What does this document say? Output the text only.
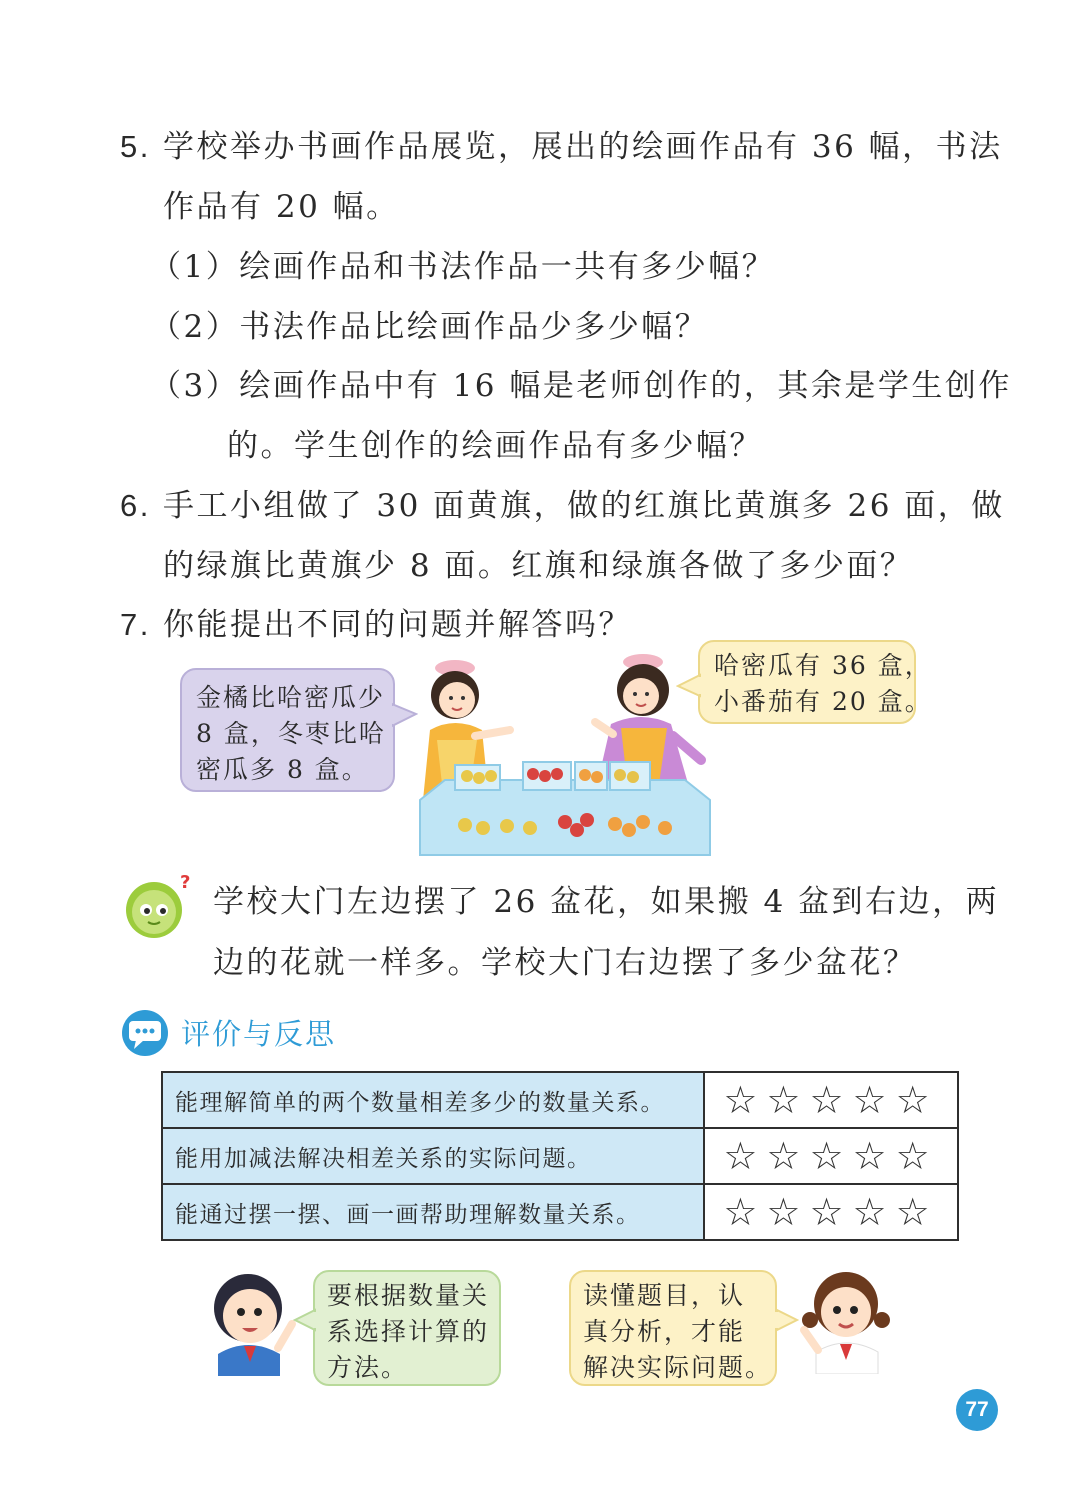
5. 学校举办书画作品展览，展出的绘画作品有 36 幅，书法
作品有 20 幅。
（1）绘画作品和书法作品一共有多少幅？
（2）书法作品比绘画作品少多少幅？
（3）绘画作品中有 16 幅是老师创作的，其余是学生创作
的。学生创作的绘画作品有多少幅？
6. 手工小组做了 30 面黄旗，做的红旗比黄旗多 26 面，做
的绿旗比黄旗少 8 面。红旗和绿旗各做了多少面？
7. 你能提出不同的问题并解答吗？
金橘比哈密瓜少
8 盒，冬枣比哈
密瓜多 8 盒。
哈密瓜有 36 盒，
小番茄有 20 盒。
?
学校大门左边摆了 26 盆花，如果搬 4 盆到右边，两
边的花就一样多。学校大门右边摆了多少盆花？
评价与反思
能理解简单的两个数量相差多少的数量关系。	☆☆☆☆☆
能用加减法解决相差关系的实际问题。	☆☆☆☆☆
能通过摆一摆、画一画帮助理解数量关系。	☆☆☆☆☆
要根据数量关
系选择计算的
方法。
读懂题目，认
真分析，才能
解决实际问题。
77
